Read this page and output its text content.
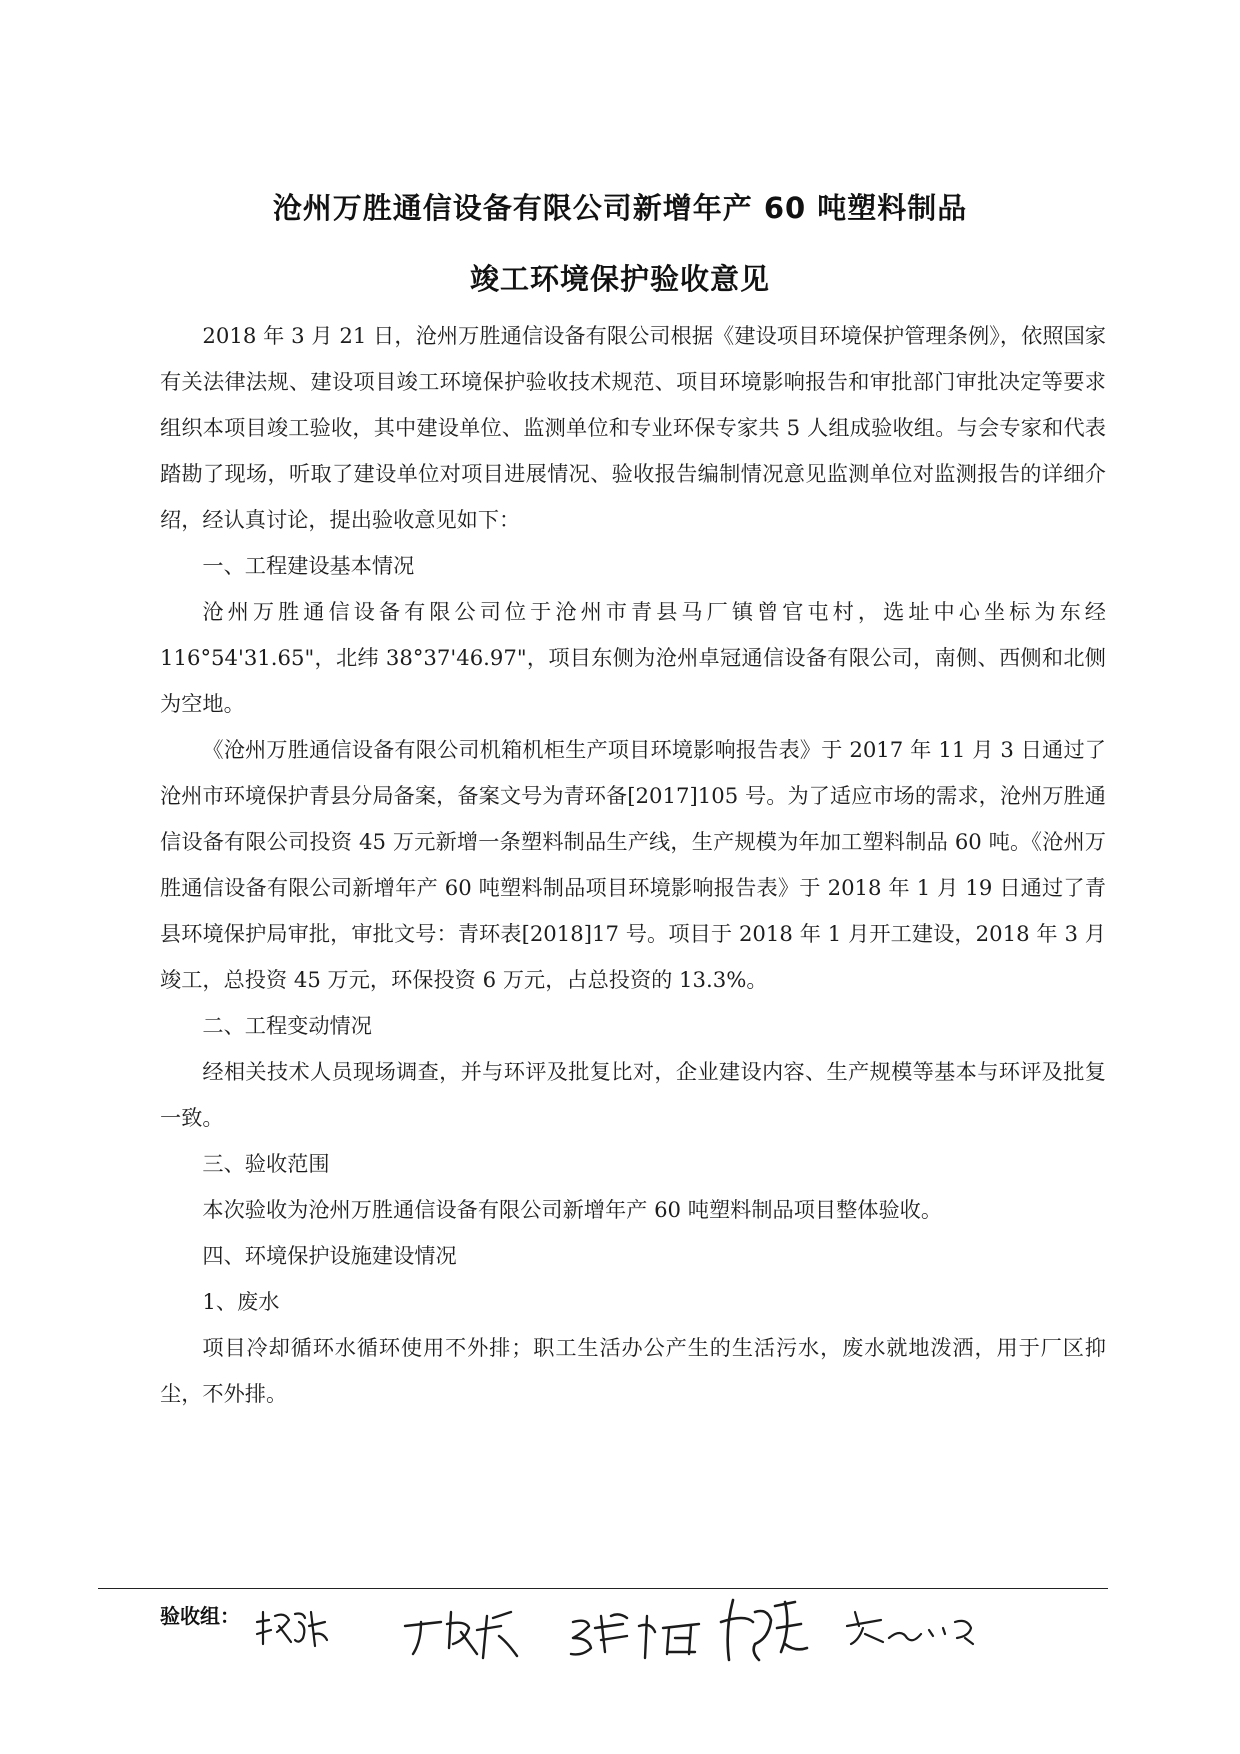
沧州万胜通信设备有限公司新增年产 60 吨塑料制品
竣工环境保护验收意见

2018 年 3 月 21 日，沧州万胜通信设备有限公司根据《建设项目环境保护管理条例》，依照国家有关法律法规、建设项目竣工环境保护验收技术规范、项目环境影响报告和审批部门审批决定等要求组织本项目竣工验收，其中建设单位、监测单位和专业环保专家共 5 人组成验收组。与会专家和代表踏勘了现场，听取了建设单位对项目进展情况、验收报告编制情况意见监测单位对监测报告的详细介绍，经认真讨论，提出验收意见如下：

一、工程建设基本情况

沧州万胜通信设备有限公司位于沧州市青县马厂镇曾官屯村，选址中心坐标为东经 116°54'31.65"，北纬 38°37'46.97"，项目东侧为沧州卓冠通信设备有限公司，南侧、西侧和北侧为空地。

《沧州万胜通信设备有限公司机箱机柜生产项目环境影响报告表》于 2017 年 11 月 3 日通过了沧州市环境保护青县分局备案，备案文号为青环备[2017]105 号。为了适应市场的需求，沧州万胜通信设备有限公司投资 45 万元新增一条塑料制品生产线，生产规模为年加工塑料制品 60 吨。《沧州万胜通信设备有限公司新增年产 60 吨塑料制品项目环境影响报告表》于 2018 年 1 月 19 日通过了青县环境保护局审批，审批文号：青环表[2018]17 号。项目于 2018 年 1 月开工建设，2018 年 3 月竣工，总投资 45 万元，环保投资 6 万元，占总投资的 13.3%。

二、工程变动情况

经相关技术人员现场调查，并与环评及批复比对，企业建设内容、生产规模等基本与环评及批复一致。

三、验收范围

本次验收为沧州万胜通信设备有限公司新增年产 60 吨塑料制品项目整体验收。

四、环境保护设施建设情况

1、废水

项目冷却循环水循环使用不外排；职工生活办公产生的生活污水，废水就地泼洒，用于厂区抑尘，不外排。

验收组：
